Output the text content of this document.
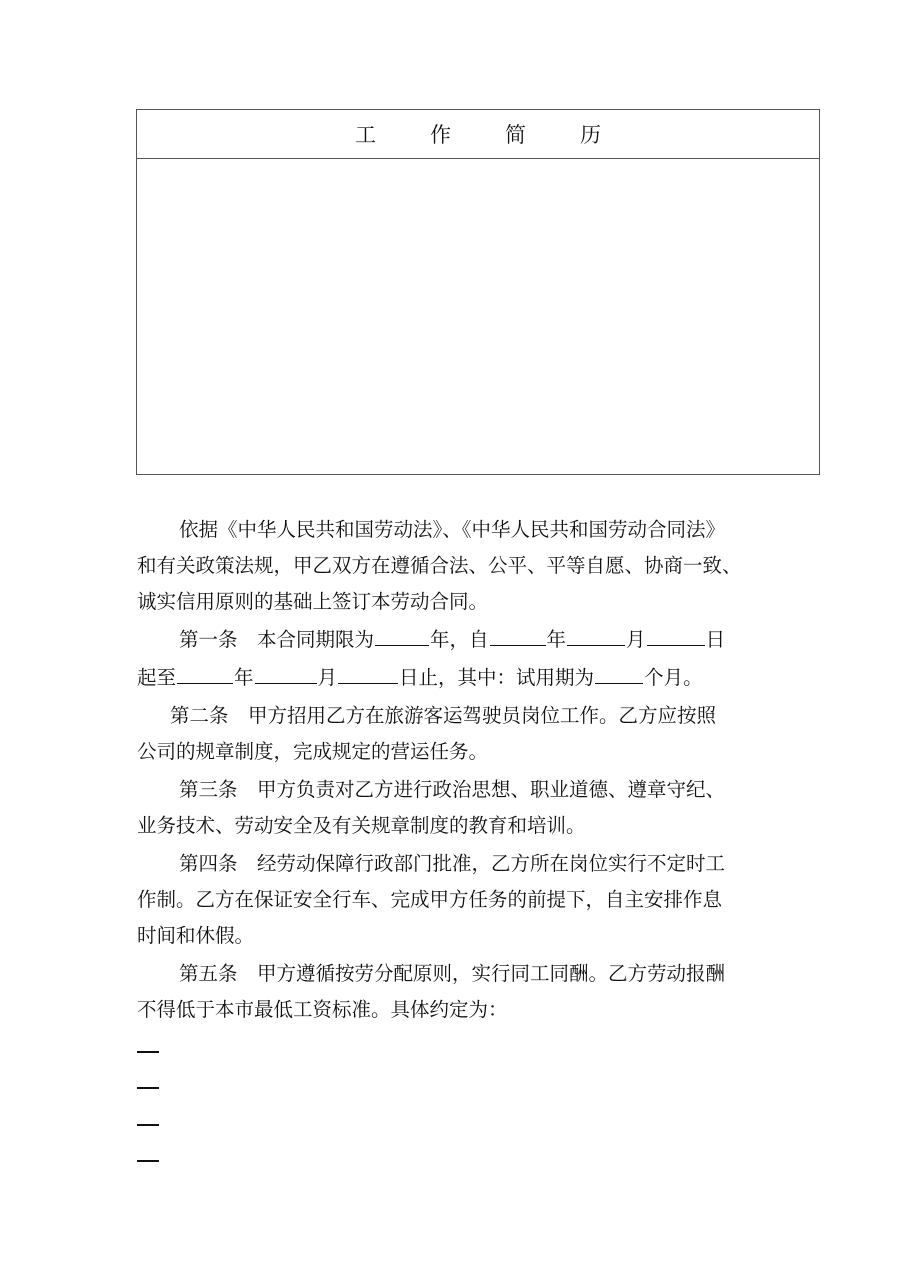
工	作	简	历
依据《中华人民共和国劳动法》、《中华人民共和国劳动合同法》
和有关政策法规，甲乙双方在遵循合法、公平、平等自愿、协商一致、
诚实信用原则的基础上签订本劳动合同。
第一条　本合同期限为	年，自	年	月	日
起至	年	月	日止，其中：试用期为	个月。
第二条　甲方招用乙方在旅游客运驾驶员岗位工作。乙方应按照
公司的规章制度，完成规定的营运任务。
第三条　甲方负责对乙方进行政治思想、职业道德、遵章守纪、
业务技术、劳动安全及有关规章制度的教育和培训。
第四条　经劳动保障行政部门批准，乙方所在岗位实行不定时工
作制。乙方在保证安全行车、完成甲方任务的前提下，自主安排作息
时间和休假。
第五条　甲方遵循按劳分配原则，实行同工同酬。乙方劳动报酬
不得低于本市最低工资标准。具体约定为：
